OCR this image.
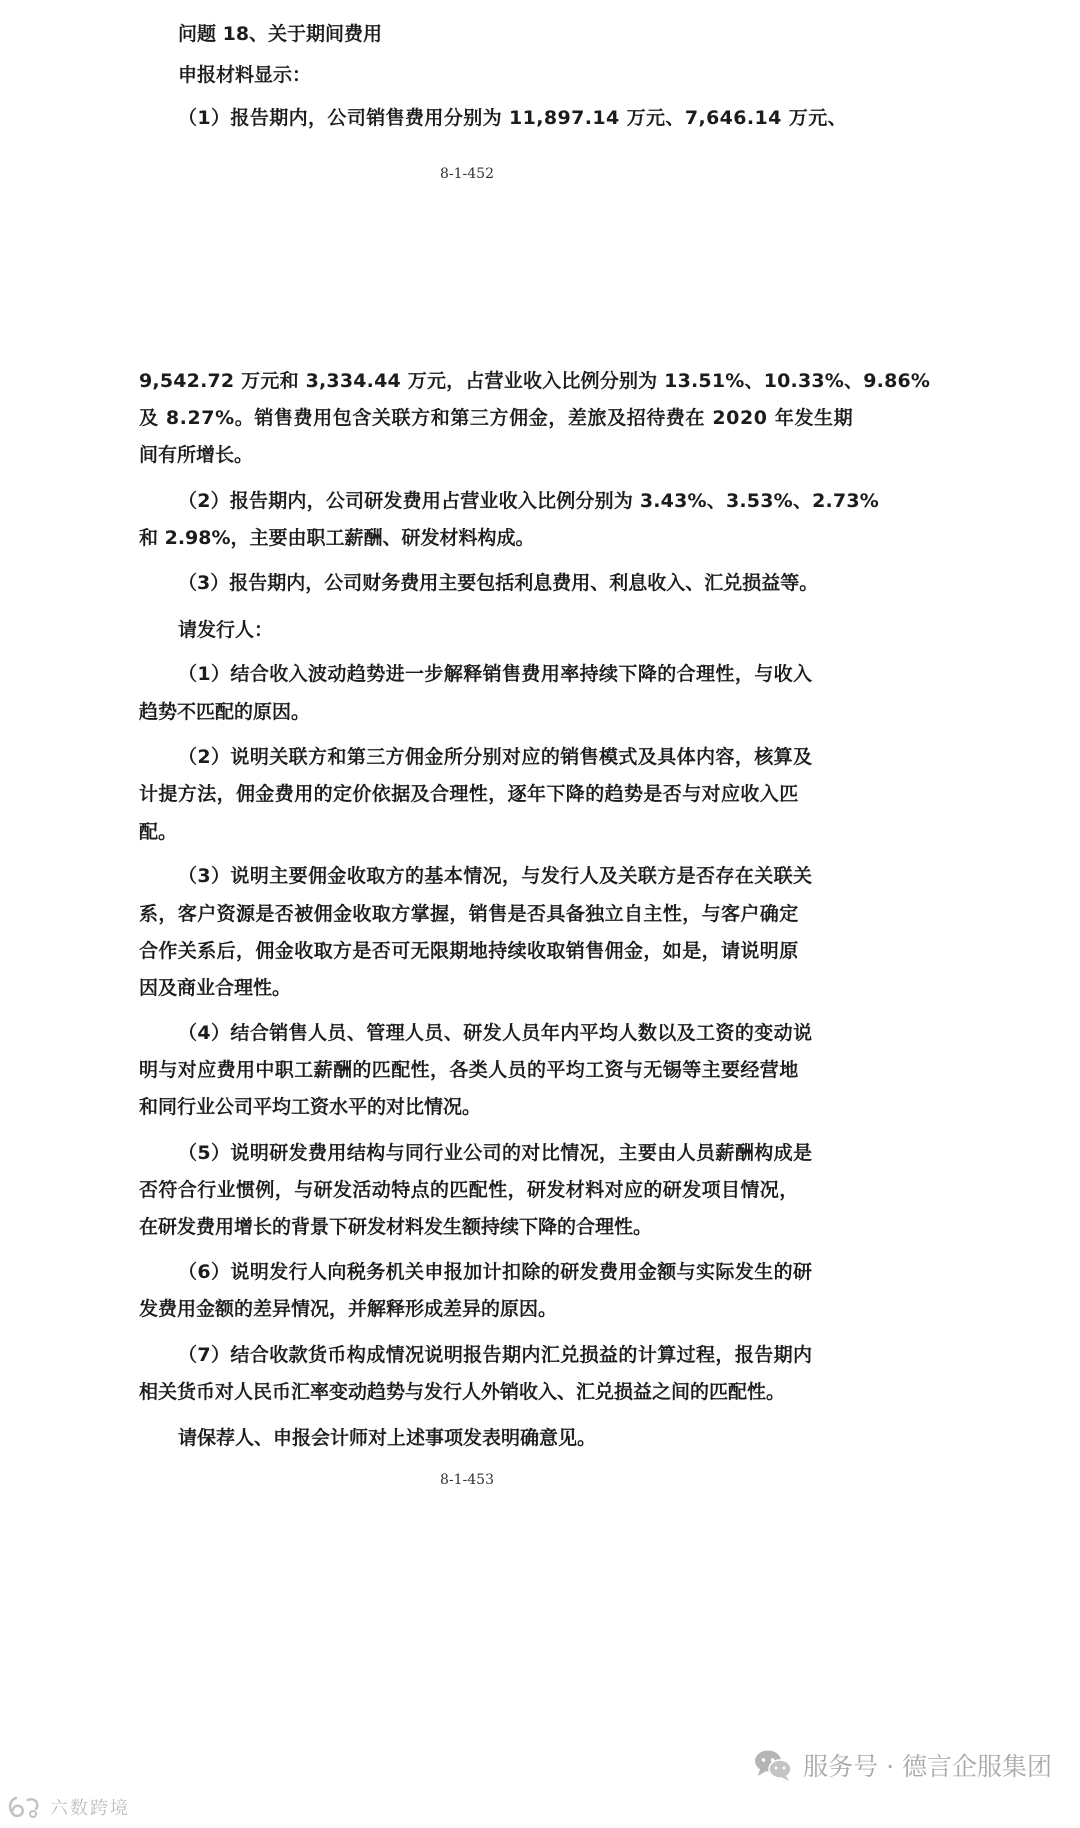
问题 18、关于期间费用
申报材料显示：
（1）报告期内，公司销售费用分别为 11,897.14 万元、7,646.14 万元、
8-1-452
9,542.72 万元和 3,334.44 万元，占营业收入比例分别为 13.51%、10.33%、9.86%
及 8.27%。销售费用包含关联方和第三方佣金，差旅及招待费在 2020 年发生期
间有所增长。
（2）报告期内，公司研发费用占营业收入比例分别为 3.43%、3.53%、2.73%
和 2.98%，主要由职工薪酬、研发材料构成。
（3）报告期内，公司财务费用主要包括利息费用、利息收入、汇兑损益等。
请发行人：
（1）结合收入波动趋势进一步解释销售费用率持续下降的合理性，与收入
趋势不匹配的原因。
（2）说明关联方和第三方佣金所分别对应的销售模式及具体内容，核算及
计提方法，佣金费用的定价依据及合理性，逐年下降的趋势是否与对应收入匹
配。
（3）说明主要佣金收取方的基本情况，与发行人及关联方是否存在关联关
系，客户资源是否被佣金收取方掌握，销售是否具备独立自主性，与客户确定
合作关系后，佣金收取方是否可无限期地持续收取销售佣金，如是，请说明原
因及商业合理性。
（4）结合销售人员、管理人员、研发人员年内平均人数以及工资的变动说
明与对应费用中职工薪酬的匹配性，各类人员的平均工资与无锡等主要经营地
和同行业公司平均工资水平的对比情况。
（5）说明研发费用结构与同行业公司的对比情况，主要由人员薪酬构成是
否符合行业惯例，与研发活动特点的匹配性，研发材料对应的研发项目情况，
在研发费用增长的背景下研发材料发生额持续下降的合理性。
（6）说明发行人向税务机关申报加计扣除的研发费用金额与实际发生的研
发费用金额的差异情况，并解释形成差异的原因。
（7）结合收款货币构成情况说明报告期内汇兑损益的计算过程，报告期内
相关货币对人民币汇率变动趋势与发行人外销收入、汇兑损益之间的匹配性。
请保荐人、申报会计师对上述事项发表明确意见。
8-1-453
服务号 · 德言企服集团
六数跨境
